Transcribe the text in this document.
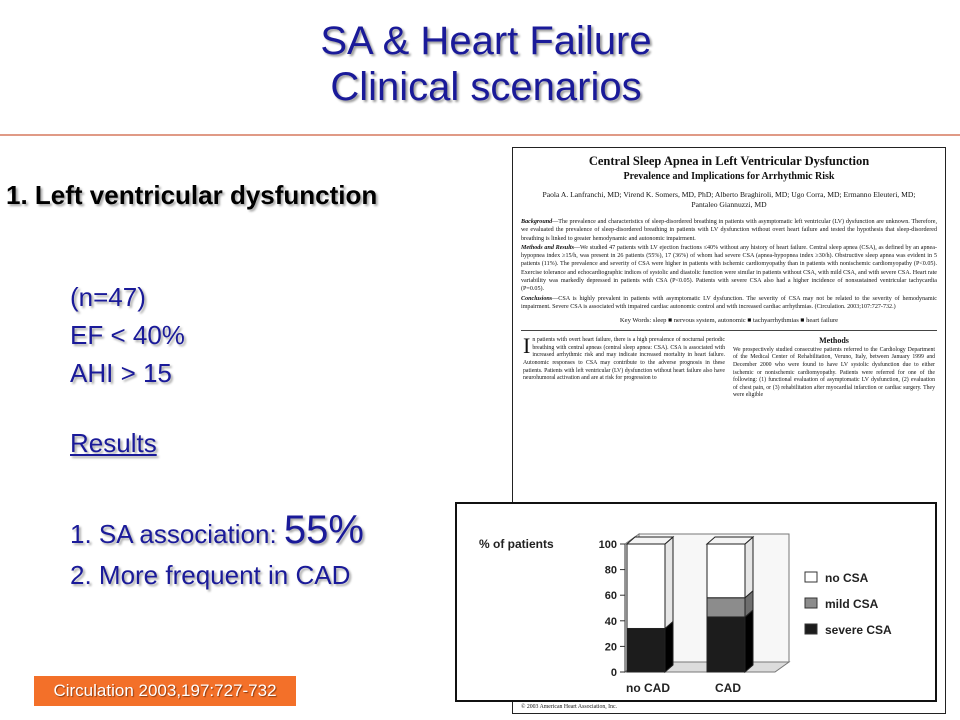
SA & Heart Failure
Clinical scenarios
1. Left ventricular dysfunction
(n=47)
EF < 40%
AHI > 15
Results
1. SA association: 55%
2. More frequent in CAD
Circulation 2003,197:727-732
Central Sleep Apnea in Left Ventricular Dysfunction
Prevalence and Implications for Arrhythmic Risk
Paola A. Lanfranchi, MD; Virend K. Somers, MD, PhD; Alberto Braghiroli, MD; Ugo Corra, MD; Ermanno Eleuteri, MD; Pantaleo Giannuzzi, MD

Background—The prevalence and characteristics of sleep-disordered breathing in patients with asymptomatic left ventricular (LV) dysfunction are unknown. Therefore, we evaluated the prevalence of sleep-disordered breathing in patients with LV dysfunction without overt heart failure and tested the hypothesis that sleep-disordered breathing is linked to greater hemodynamic and autonomic impairment.

Methods and Results—We studied 47 patients with LV ejection fractions ≤40% without any history of heart failure. Central sleep apnea (CSA), as defined by an apnea-hypopnea index ≥15/h, was present in 26 patients (55%), 17 (36%) of whom had severe CSA (apnea-hypopnea index ≥30/h). Obstructive sleep apnea was evident in 5 patients (11%). The prevalence and severity of CSA were higher in patients with ischemic cardiomyopathy than in patients with nonischemic cardiomyopathy (P<0.05). Exercise tolerance and echocardiographic indices of systolic and diastolic function were similar in patients without CSA, with mild CSA, and with severe CSA. Heart rate variability was markedly depressed in patients with CSA (P<0.05). Patients with severe CSA also had a higher incidence of nonsustained ventricular tachycardia (P=0.05).

Conclusions—CSA is highly prevalent in patients with asymptomatic LV dysfunction. The severity of CSA may not be related to the severity of hemodynamic impairment. Severe CSA is associated with impaired cardiac autonomic control and with increased cardiac arrhythmias. (Circulation. 2003;107:727-732.)

Key Words: sleep ■ nervous system, autonomic ■ tachyarrhythmias ■ heart failure
In patients with overt heart failure, there is a high prevalence of nocturnal periodic breathing with central apneas (central sleep apnea: CSA). CSA is associated with increased arrhythmic risk and may indicate increased mortality in heart failure. Autonomic responses to CSA may contribute to the adverse prognosis in these patients. Patients with left ventricular (LV) dysfunction without heart failure also have neurohumoral activation and are at risk for progression to
Methods
We prospectively studied consecutive patients referred to the Cardiology Department of the Medical Center of Rehabilitation, Veruno, Italy, between January 1999 and December 2000 who were found to have LV systolic dysfunction due to either ischemic or nonischemic cardiomyopathy. Patients were referred for one of the following: (1) functional evaluation of asymptomatic LV dysfunction, (2) evaluation of chest pain, or (3) rehabilitation after myocardial infarction or cardiac surgery. They were eligible
© 2003 American Heart Association, Inc.
0
20
40
60
80
100
% of patients
no CAD	CAD
no CSA
mild CSA
severe CSA
